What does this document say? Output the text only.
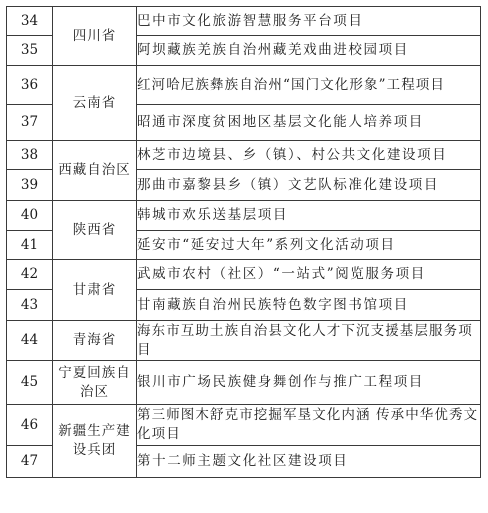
34	四川省	巴中市文化旅游智慧服务平台项目
35		阿坝藏族羌族自治州藏羌戏曲进校园项目
36	云南省	红河哈尼族彝族自治州“国门文化形象”工程项目
37		昭通市深度贫困地区基层文化能人培养项目
38	西藏自治区	林芝市边境县、乡（镇）、村公共文化建设项目
39		那曲市嘉黎县乡（镇）文艺队标准化建设项目
40	陕西省	韩城市欢乐送基层项目
41		延安市“延安过大年”系列文化活动项目
42	甘肃省	武威市农村（社区）“一站式”阅览服务项目
43		甘南藏族自治州民族特色数字图书馆项目
44	青海省	海东市互助土族自治县文化人才下沉支援基层服务项目
45	宁夏回族自治区	银川市广场民族健身舞创作与推广工程项目
46	新疆生产建设兵团	第三师图木舒克市挖掘军垦文化内涵 传承中华优秀文化项目
47		第十二师主题文化社区建设项目
